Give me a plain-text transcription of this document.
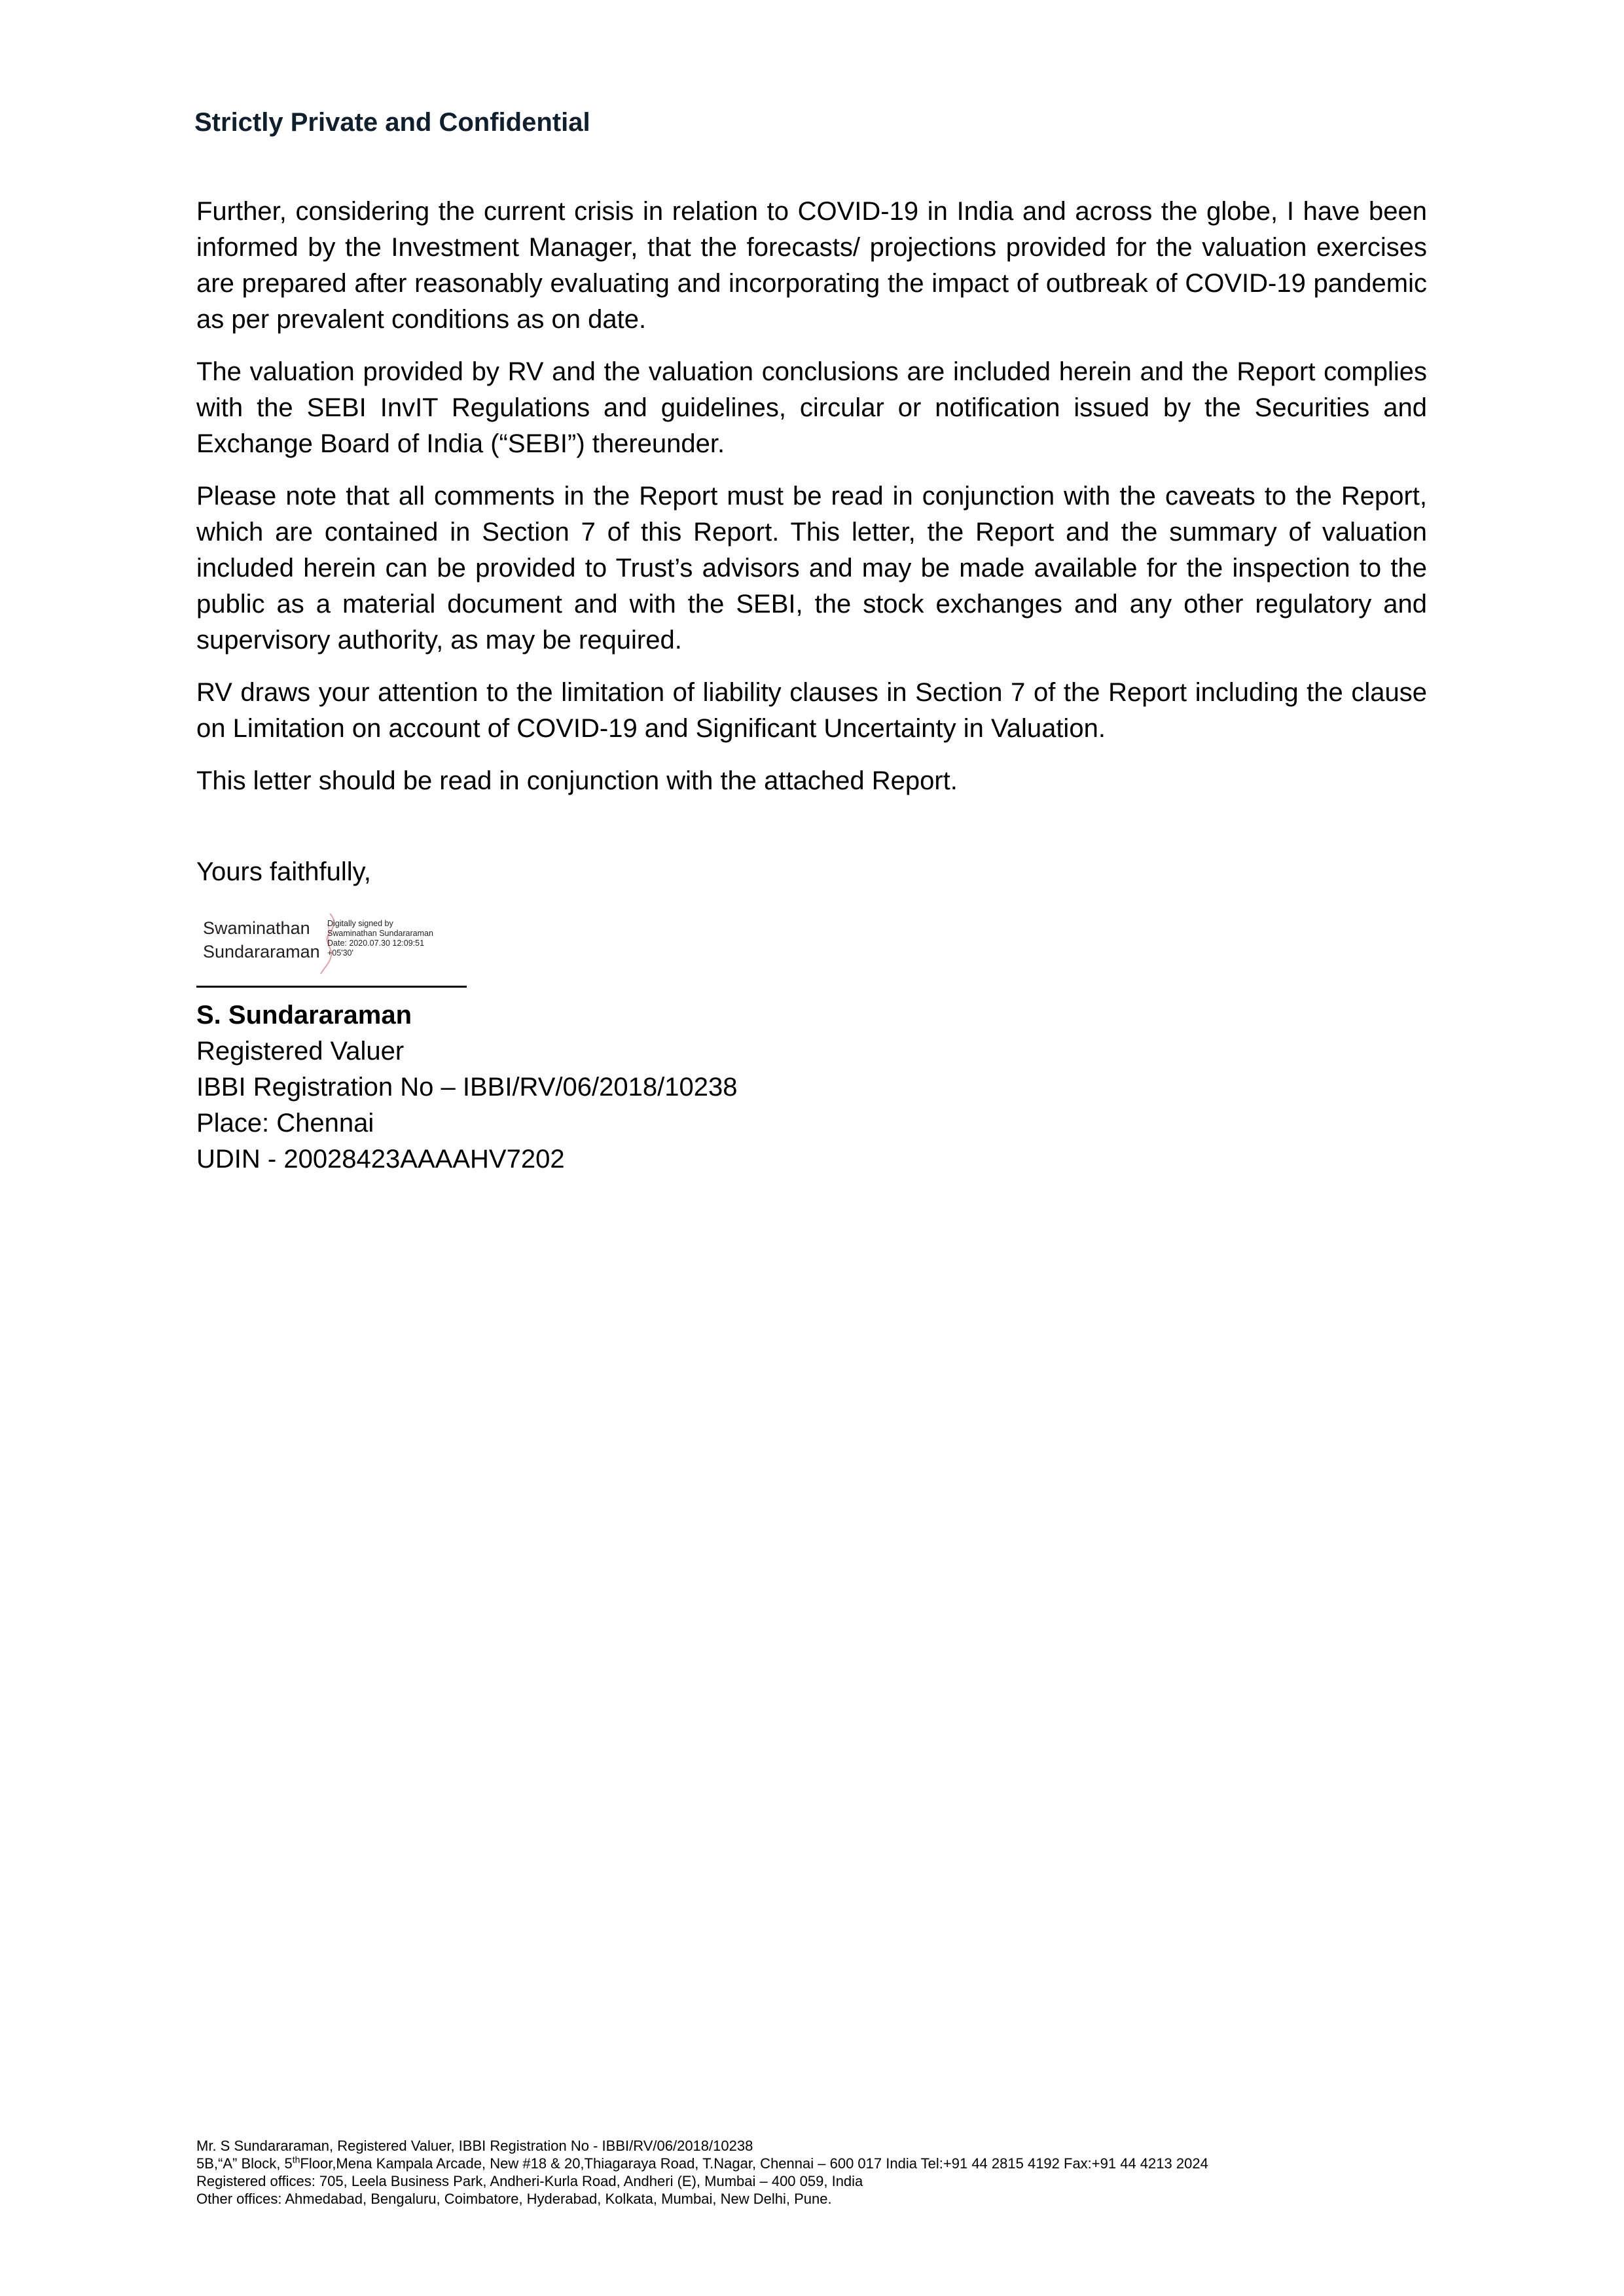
Strictly Private and Confidential

Further, considering the current crisis in relation to COVID-19 in India and across the globe, I have been informed by the Investment Manager, that the forecasts/ projections provided for the valuation exercises are prepared after reasonably evaluating and incorporating the impact of outbreak of COVID-19 pandemic as per prevalent conditions as on date.

The valuation provided by RV and the valuation conclusions are included herein and the Report complies with the SEBI InvIT Regulations and guidelines, circular or notification issued by the Securities and Exchange Board of India (“SEBI”) thereunder.

Please note that all comments in the Report must be read in conjunction with the caveats to the Report, which are contained in Section 7 of this Report. This letter, the Report and the summary of valuation included herein can be provided to Trust’s advisors and may be made available for the inspection to the public as a material document and with the SEBI, the stock exchanges and any other regulatory and supervisory authority, as may be required.

RV draws your attention to the limitation of liability clauses in Section 7 of the Report including the clause on Limitation on account of COVID-19 and Significant Uncertainty in Valuation.

This letter should be read in conjunction with the attached Report.

Yours faithfully,

Swaminathan
Sundararaman
Digitally signed by
Swaminathan Sundararaman
Date: 2020.07.30 12:09:51
+05'30'
S. Sundararaman
Registered Valuer
IBBI Registration No – IBBI/RV/06/2018/10238
Place: Chennai
UDIN - 20028423AAAAHV7202
Mr. S Sundararaman, Registered Valuer, IBBI Registration No - IBBI/RV/06/2018/10238
5B,“A” Block, 5thFloor,Mena Kampala Arcade, New #18 & 20,Thiagaraya Road, T.Nagar, Chennai – 600 017 India Tel:+91 44 2815 4192 Fax:+91 44 4213 2024
Registered offices: 705, Leela Business Park, Andheri-Kurla Road, Andheri (E), Mumbai – 400 059, India
Other offices: Ahmedabad, Bengaluru, Coimbatore, Hyderabad, Kolkata, Mumbai, New Delhi, Pune.
